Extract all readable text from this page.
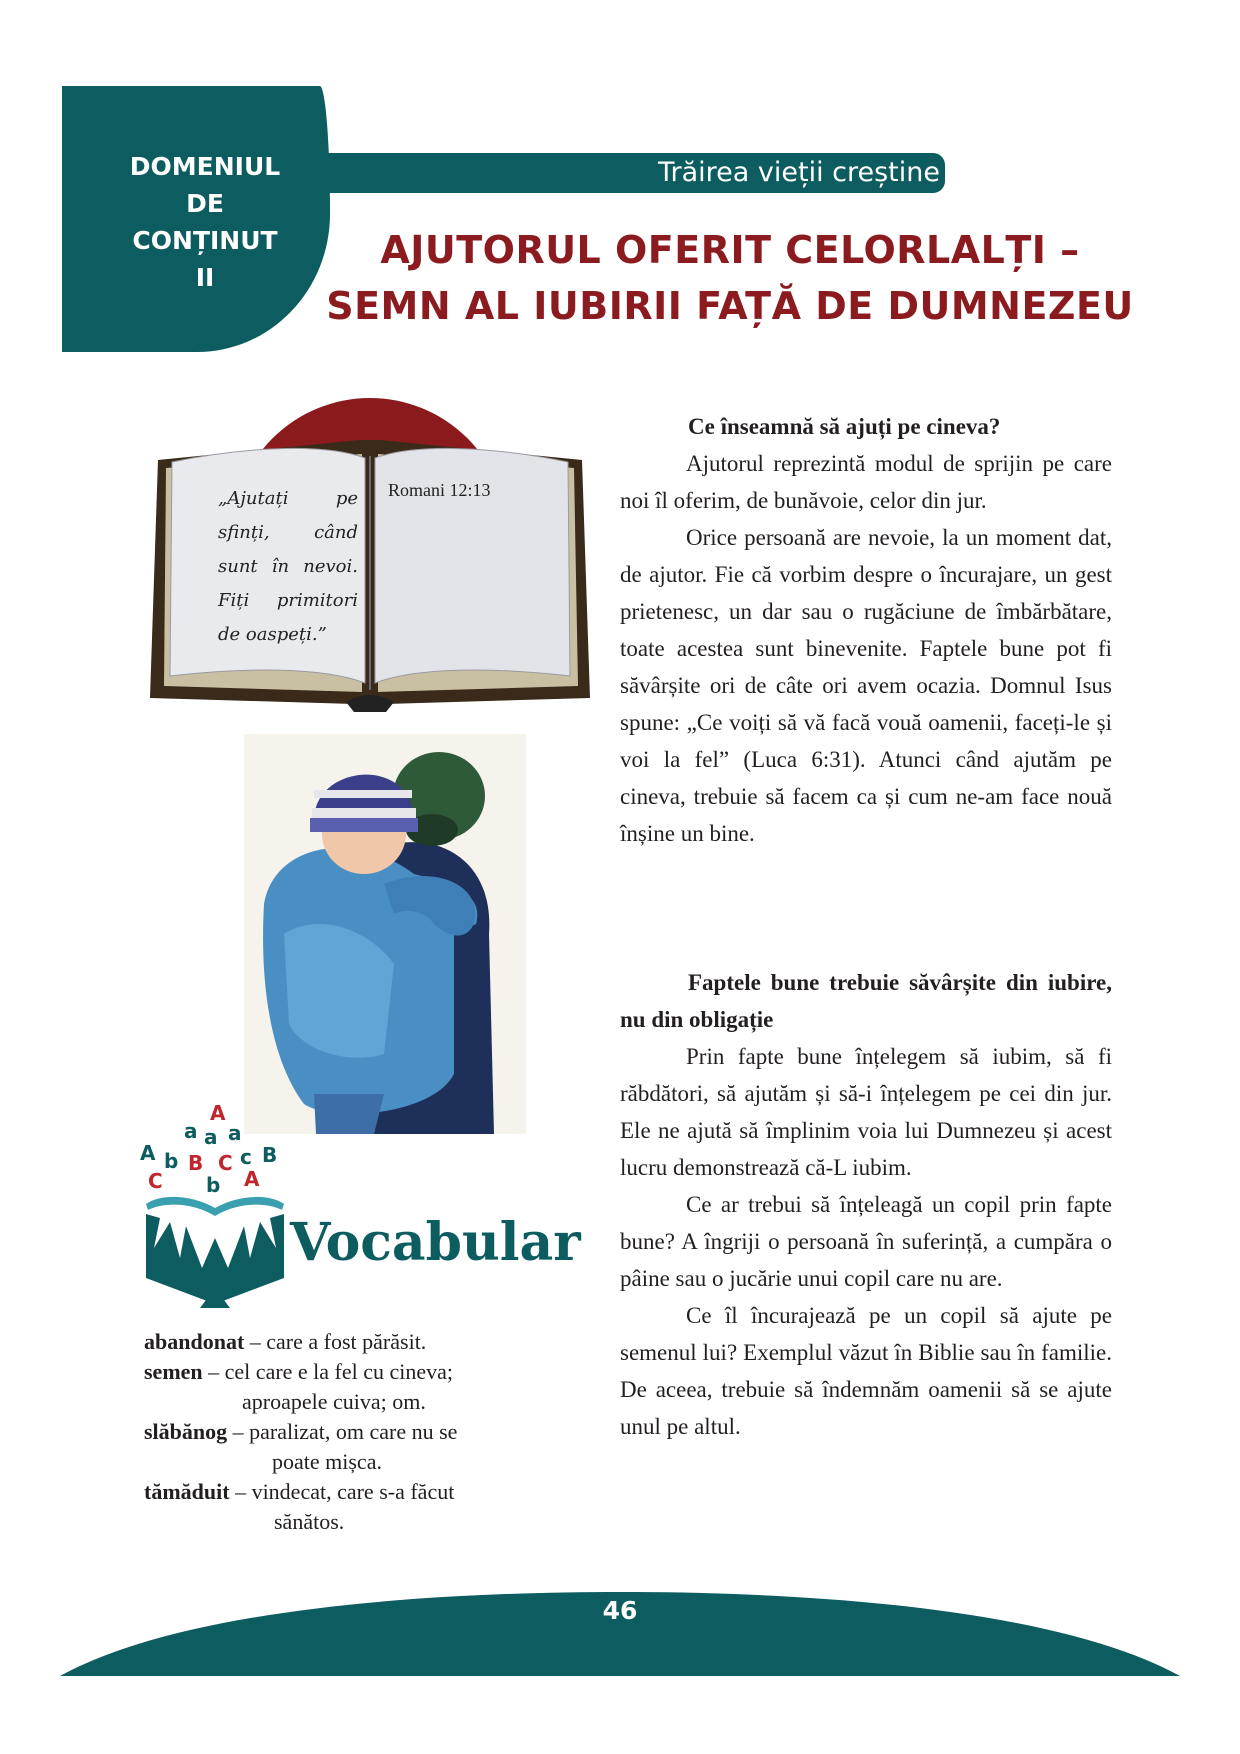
DOMENIUL
DE
CONȚINUT
II
Trăirea vieții creștine
AJUTORUL OFERIT CELORLALȚI –
SEMN AL IUBIRII FAȚĂ DE DUMNEZEU
„Ajutați pe sfinți, când sunt în nevoi. Fiți primitori de oaspeți.”
Romani 12:13
A
a a a
A b B C c B
C	A
b
Vocabular

abandonat – care a fost părăsit.

semen – cel care e la fel cu cineva;
aproapele cuiva; om.

slăbănog – paralizat, om care nu se
poate mișca.

tămăduit – vindecat, care s-a făcut
sănătos.

Ce înseamnă să ajuți pe cineva?

Ajutorul reprezintă modul de sprijin pe care noi îl oferim, de bunăvoie, celor din jur.

Orice persoană are nevoie, la un moment dat, de ajutor. Fie că vorbim despre o încurajare, un gest prietenesc, un dar sau o rugăciune de îmbărbătare, toate acestea sunt binevenite. Faptele bune pot fi săvârșite ori de câte ori avem ocazia. Domnul Isus spune: „Ce voiți să vă facă vouă oamenii, faceți-le și voi la fel” (Luca 6:31). Atunci când ajutăm pe cineva, trebuie să facem ca și cum ne-am face nouă înșine un bine.

Faptele bune trebuie săvârșite din iubire, nu din obligație

Prin fapte bune înțelegem să iubim, să fi răbdători, să ajutăm și să-i înțelegem pe cei din jur. Ele ne ajută să împlinim voia lui Dumnezeu și acest lucru demonstrează că-L iubim.

Ce ar trebui să înțeleagă un copil prin fapte bune? A îngriji o persoană în suferință, a cumpăra o pâine sau o jucărie unui copil care nu are.

Ce îl încurajează pe un copil să ajute pe semenul lui? Exemplul văzut în Biblie sau în familie. De aceea, trebuie să îndemnăm oamenii să se ajute unul pe altul.

46
